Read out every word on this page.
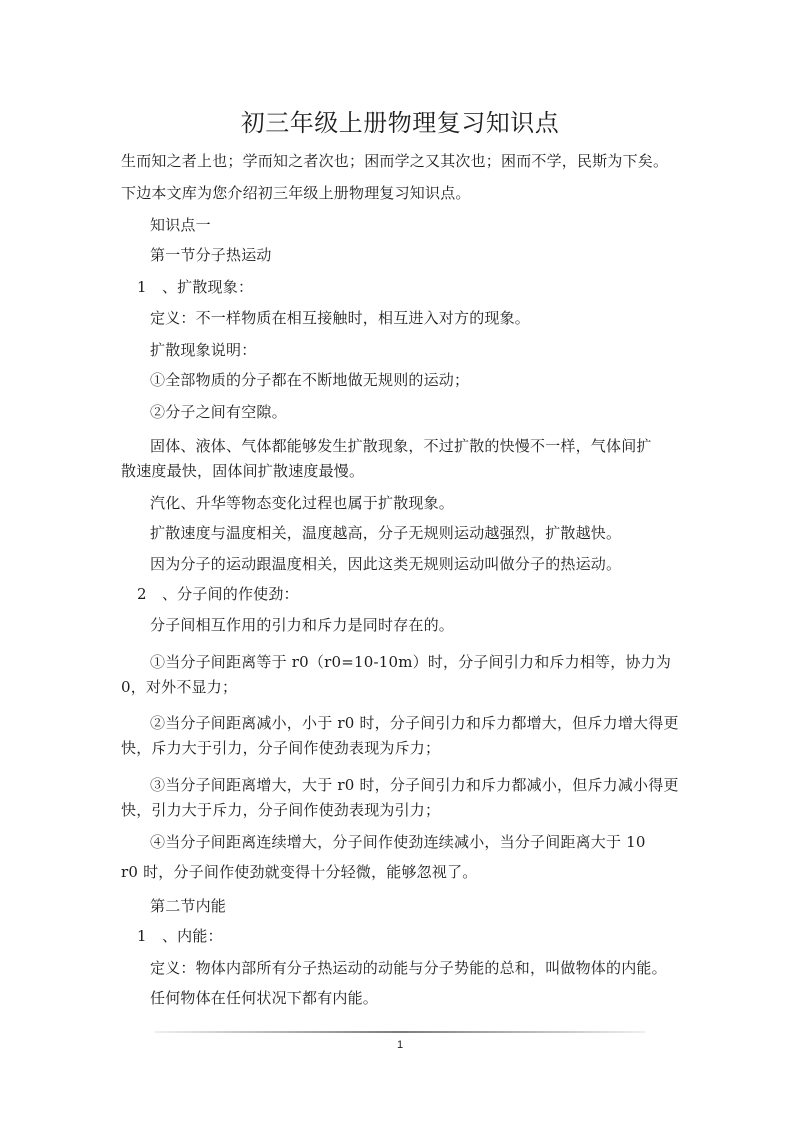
初三年级上册物理复习知识点
生而知之者上也；学而知之者次也；困而学之又其次也；困而不学，民斯为下矣。
下边本文库为您介绍初三年级上册物理复习知识点。
知识点一
第一节分子热运动
1　、扩散现象：
定义：不一样物质在相互接触时，相互进入对方的现象。
扩散现象说明：
①全部物质的分子都在不断地做无规则的运动；
②分子之间有空隙。
固体、液体、气体都能够发生扩散现象，不过扩散的快慢不一样，气体间扩
散速度最快，固体间扩散速度最慢。
汽化、升华等物态变化过程也属于扩散现象。
扩散速度与温度相关，温度越高，分子无规则运动越强烈，扩散越快。
因为分子的运动跟温度相关，因此这类无规则运动叫做分子的热运动。
2　、分子间的作使劲：
分子间相互作用的引力和斥力是同时存在的。
①当分子间距离等于 r0（r0=10-10m）时，分子间引力和斥力相等，协力为
0，对外不显力；
②当分子间距离减小，小于 r0 时，分子间引力和斥力都增大，但斥力增大得更
快，斥力大于引力，分子间作使劲表现为斥力；
③当分子间距离增大，大于 r0 时，分子间引力和斥力都减小，但斥力减小得更
快，引力大于斥力，分子间作使劲表现为引力；
④当分子间距离连续增大，分子间作使劲连续减小，当分子间距离大于 10
r0 时，分子间作使劲就变得十分轻微，能够忽视了。
第二节内能
1　、内能：
定义：物体内部所有分子热运动的动能与分子势能的总和，叫做物体的内能。
任何物体在任何状况下都有内能。
1
